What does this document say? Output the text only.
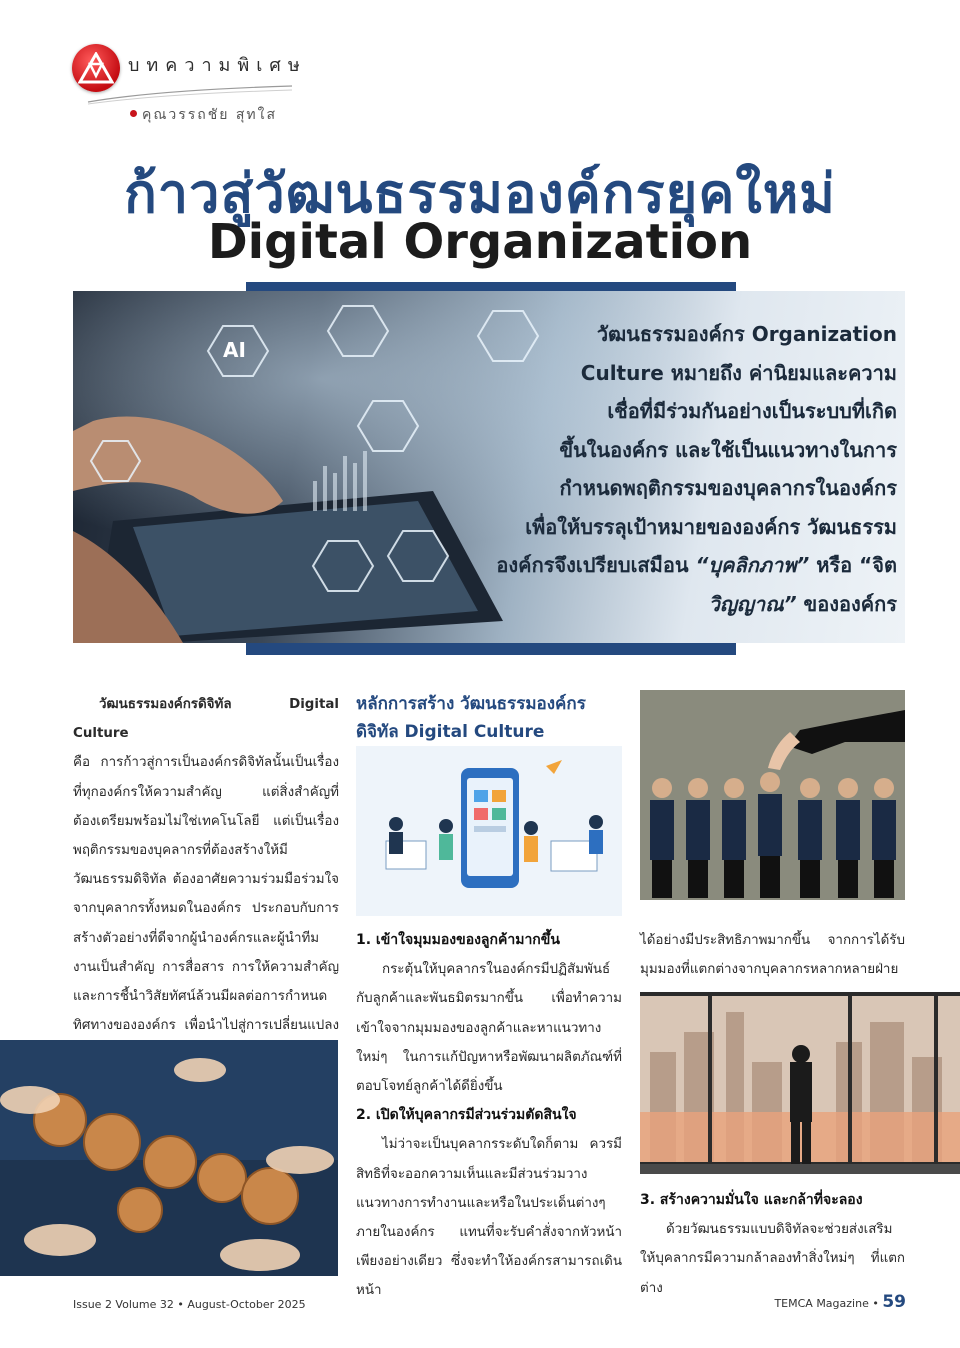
บทความพิเศษ
คุณวรรถชัย สุทใส
ก้าวสู่วัฒนธรรมองค์กรยุคใหม่
Digital Organization
AI
วัฒนธรรมองค์กร Organization
Culture หมายถึง ค่านิยมและความ
เชื่อที่มีร่วมกันอย่างเป็นระบบที่เกิด
ขึ้นในองค์กร และใช้เป็นแนวทางในการ
กำหนดพฤติกรรมของบุคลากรในองค์กร
เพื่อให้บรรลุเป้าหมายขององค์กร วัฒนธรรม
องค์กรจึงเปรียบเสมือน “บุคลิกภาพ” หรือ “จิต
วิญญาณ” ขององค์กร

วัฒนธรรมองค์กรดิจิทัล Digital Culture

คือ การก้าวสู่การเป็นองค์กรดิจิทัลนั้นเป็นเรื่องที่ทุกองค์กรให้ความสำคัญ แต่สิ่งสำคัญที่ต้องเตรียมพร้อมไม่ใช่เทคโนโลยี แต่เป็นเรื่องพฤติกรรมของบุคลากรที่ต้องสร้างให้มีวัฒนธรรมดิจิทัล ต้องอาศัยความร่วมมือร่วมใจจากบุคลากรทั้งหมดในองค์กร ประกอบกับการสร้างตัวอย่างที่ดีจากผู้นำองค์กรและผู้นำทีมงานเป็นสำคัญ การสื่อสาร การให้ความสำคัญ และการชี้นำวิสัยทัศน์ล้วนมีผลต่อการกำหนดทิศทางขององค์กร เพื่อนำไปสู่การเปลี่ยนแปลง

หลักการสร้าง วัฒนธรรมองค์กร
ดิจิทัล Digital Culture

1. เข้าใจมุมมองของลูกค้ามากขึ้น

กระตุ้นให้บุคลากรในองค์กรมีปฏิสัมพันธ์กับลูกค้าและพันธมิตรมากขึ้น เพื่อทำความเข้าใจจากมุมมองของลูกค้าและหาแนวทางใหม่ๆ ในการแก้ปัญหาหรือพัฒนาผลิตภัณฑ์ที่ตอบโจทย์ลูกค้าได้ดียิ่งขึ้น

2. เปิดให้บุคลากรมีส่วนร่วมตัดสินใจ

ไม่ว่าจะเป็นบุคลากรระดับใดก็ตาม ควรมีสิทธิที่จะออกความเห็นและมีส่วนร่วมวางแนวทางการทำงานและหรือในประเด็นต่างๆ ภายในองค์กร แทนที่จะรับคำสั่งจากหัวหน้าเพียงอย่างเดียว ซึ่งจะทำให้องค์กรสามารถเดินหน้า

ได้อย่างมีประสิทธิภาพมากขึ้น จากการได้รับมุมมองที่แตกต่างจากบุคลากรหลากหลายฝ่าย

3. สร้างความมั่นใจ และกล้าที่จะลอง

ด้วยวัฒนธรรมแบบดิจิทัลจะช่วยส่งเสริมให้บุคลากรมีความกล้าลองทำสิ่งใหม่ๆ ที่แตกต่าง

Issue 2 Volume 32 • August-October 2025	TEMCA Magazine • 59
